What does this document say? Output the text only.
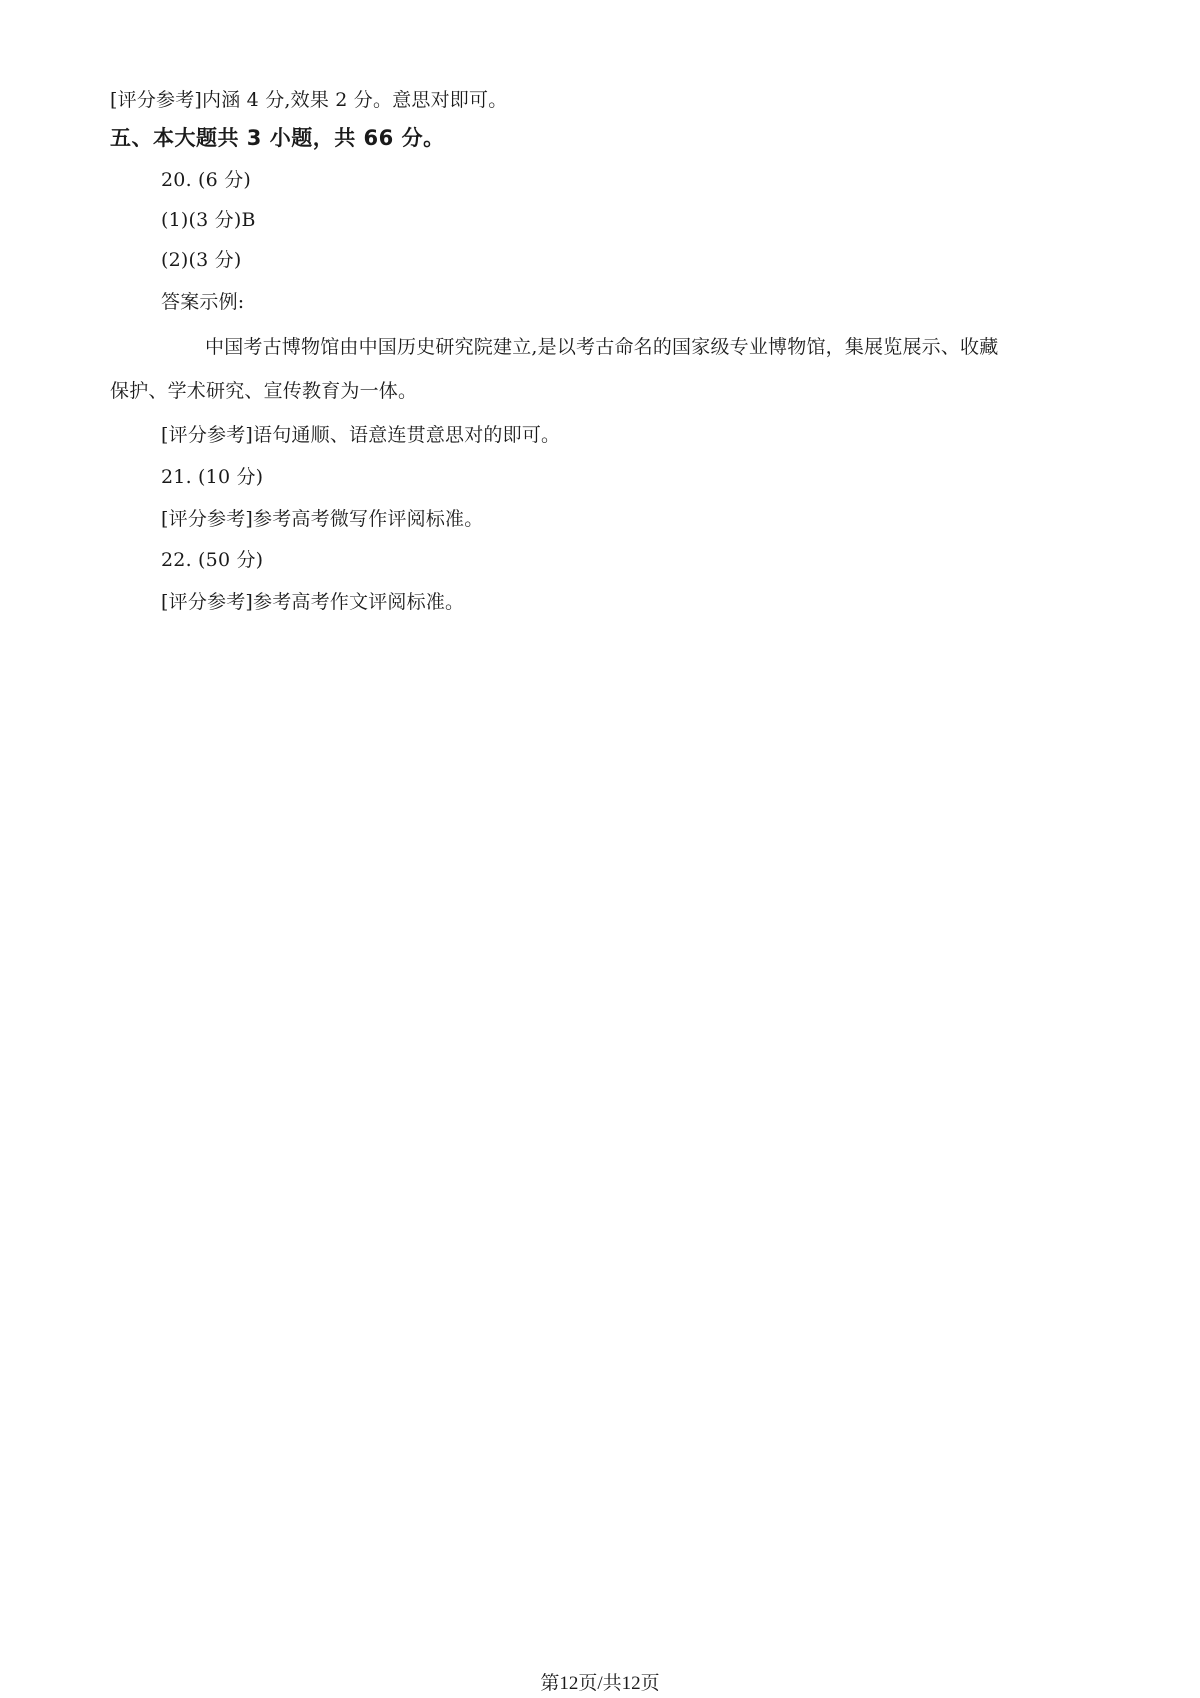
[评分参考]内涵 4 分,效果 2 分。意思对即可。
五、本大题共 3 小题，共 66 分。
20. (6 分)
(1)(3 分)B
(2)(3 分)
答案示例:
中国考古博物馆由中国历史研究院建立,是以考古命名的国家级专业博物馆，集展览展示、收藏
保护、学术研究、宣传教育为一体。
[评分参考]语句通顺、语意连贯意思对的即可。
21. (10 分)
[评分参考]参考高考微写作评阅标准。
22. (50 分)
[评分参考]参考高考作文评阅标准。
第12页/共12页
